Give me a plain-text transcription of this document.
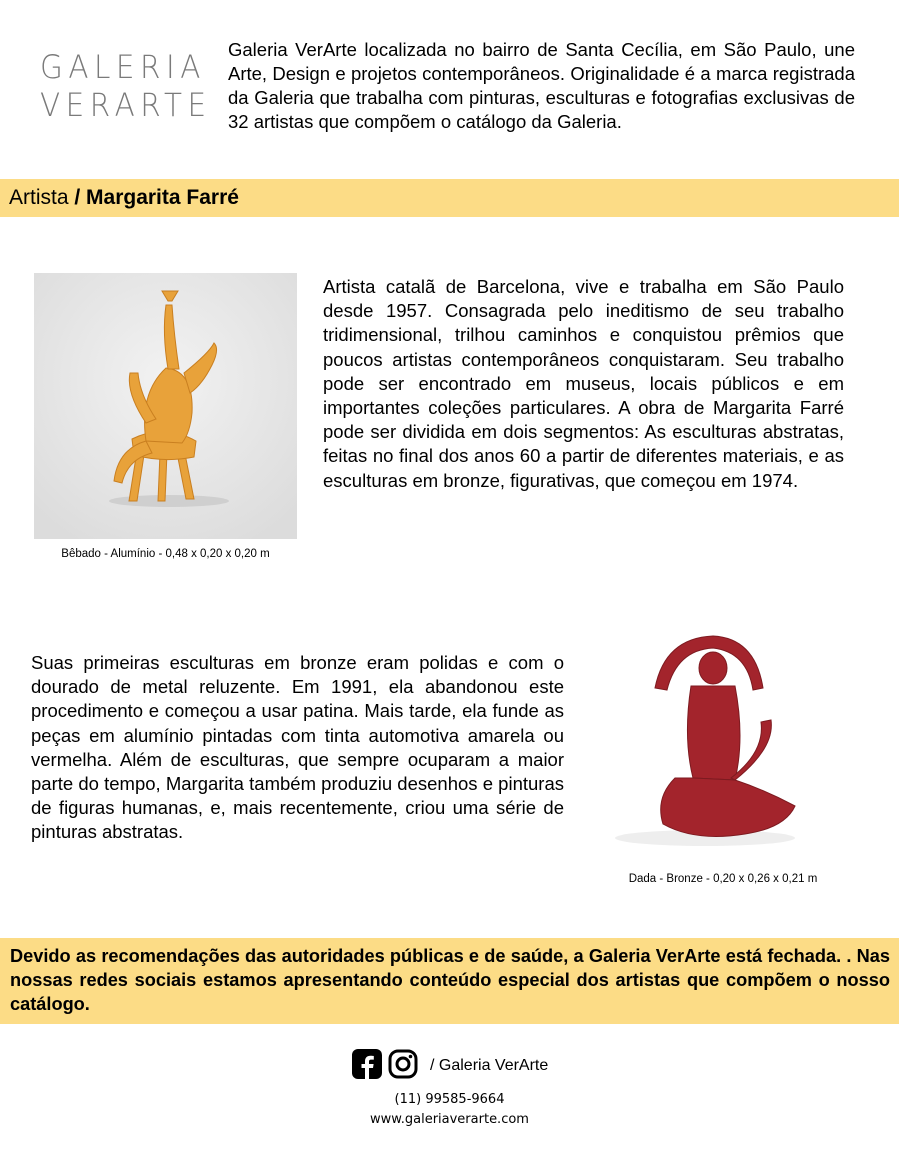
GALERIA
VERARTE
Galeria VerArte localizada no bairro de Santa Cecília, em São Paulo, une Arte, Design e projetos contemporâneos. Originalidade é a marca registrada da Galeria que trabalha com pinturas, esculturas e fotografias exclusivas de 32 artistas que compõem o catálogo da Galeria.
Artista / Margarita Farré
Bêbado - Alumínio - 0,48 x 0,20 x 0,20 m
Artista catalã de Barcelona, vive e trabalha em São Paulo desde 1957. Consagrada pelo ineditismo de seu trabalho tridimensional, trilhou caminhos e conquistou prêmios que poucos artistas contemporâneos conquistaram. Seu trabalho pode ser encontrado em museus, locais públicos e em importantes coleções particulares. A obra de Margarita Farré pode ser dividida em dois segmentos: As esculturas abstratas, feitas no final dos anos 60 a partir de diferentes materiais, e as esculturas em bronze, figurativas, que começou em 1974.
Dada - Bronze - 0,20 x 0,26 x 0,21 m
Suas primeiras esculturas em bronze eram polidas e com o dourado de metal reluzente. Em 1991, ela abandonou este procedimento e começou a usar patina. Mais tarde, ela funde as peças em alumínio pintadas com tinta automotiva amarela ou vermelha. Além de esculturas, que sempre ocuparam a maior parte do tempo, Margarita também produziu desenhos e pinturas de figuras humanas, e, mais recentemente, criou uma série de pinturas abstratas.
Devido as recomendações das autoridades públicas e de saúde, a Galeria VerArte está fechada. . Nas nossas redes sociais estamos apresentando conteúdo especial dos artistas que compõem o nosso catálogo.
/ Galeria VerArte
(11) 99585-9664
www.galeriaverarte.com
